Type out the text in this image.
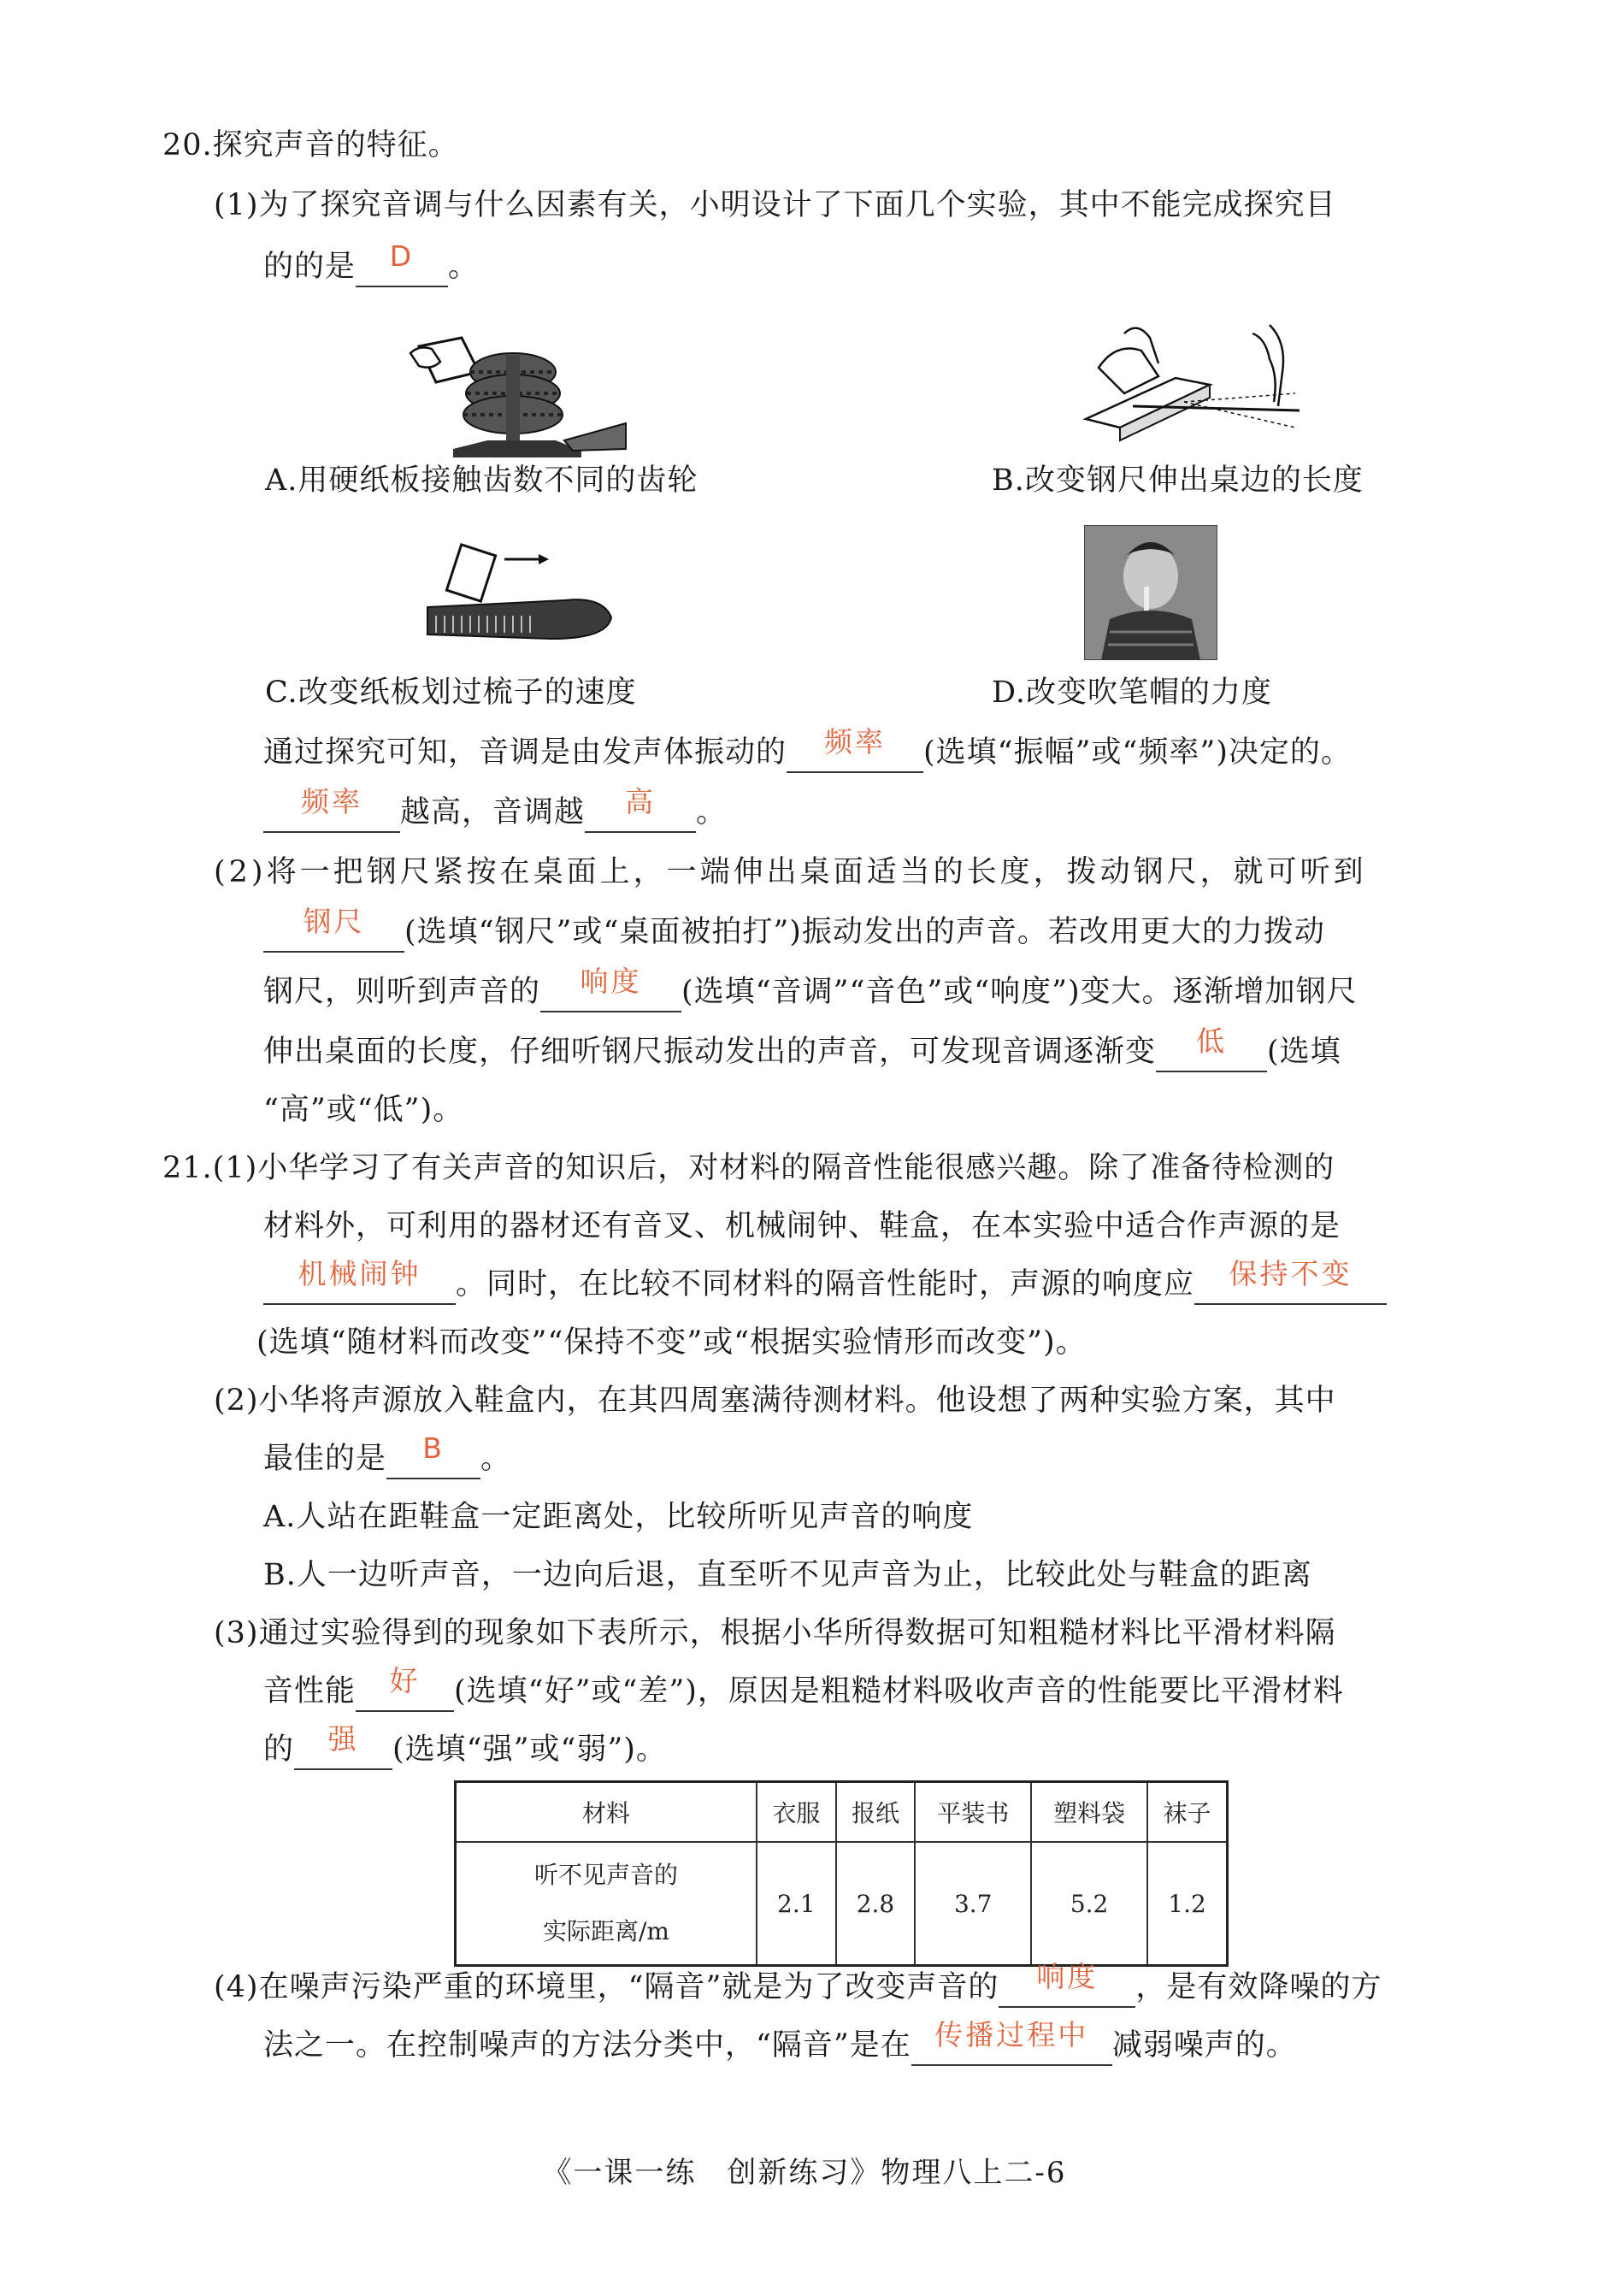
20.探究声音的特征。
(1)为了探究音调与什么因素有关，小明设计了下面几个实验，其中不能完成探究目
的的是 D 。
A.用硬纸板接触齿数不同的齿轮	B.改变钢尺伸出桌边的长度
C.改变纸板划过梳子的速度	D.改变吹笔帽的力度
通过探究可知，音调是由发声体振动的 频率 (选填“振幅”或“频率”)决定的。
频率 越高，音调越 高 。
(2)将一把钢尺紧按在桌面上，一端伸出桌面适当的长度，拨动钢尺，就可听到
钢尺 (选填“钢尺”或“桌面被拍打”)振动发出的声音。若改用更大的力拨动
钢尺，则听到声音的 响度 (选填“音调”“音色”或“响度”)变大。逐渐增加钢尺
伸出桌面的长度，仔细听钢尺振动发出的声音，可发现音调逐渐变 低 (选填
“高”或“低”)。
21.(1)小华学习了有关声音的知识后，对材料的隔音性能很感兴趣。除了准备待检测的
材料外，可利用的器材还有音叉、机械闹钟、鞋盒，在本实验中适合作声源的是
机械闹钟 。同时，在比较不同材料的隔音性能时，声源的响度应 保持不变
(选填“随材料而改变”“保持不变”或“根据实验情形而改变”)。
(2)小华将声源放入鞋盒内，在其四周塞满待测材料。他设想了两种实验方案，其中
最佳的是 B 。
A.人站在距鞋盒一定距离处，比较所听见声音的响度
B.人一边听声音，一边向后退，直至听不见声音为止，比较此处与鞋盒的距离
(3)通过实验得到的现象如下表所示，根据小华所得数据可知粗糙材料比平滑材料隔
音性能 好 (选填“好”或“差”)，原因是粗糙材料吸收声音的性能要比平滑材料
的 强 (选填“强”或“弱”)。
材料	衣服	报纸	平装书	塑料袋	袜子

听不见声音的
实际距离/m	2.1	2.8	3.7	5.2	1.2
(4)在噪声污染严重的环境里，“隔音”就是为了改变声音的 响度 ，是有效降噪的方
法之一。在控制噪声的方法分类中，“隔音”是在 传播过程中 减弱噪声的。
《一课一练　创新练习》物理八上二-6
